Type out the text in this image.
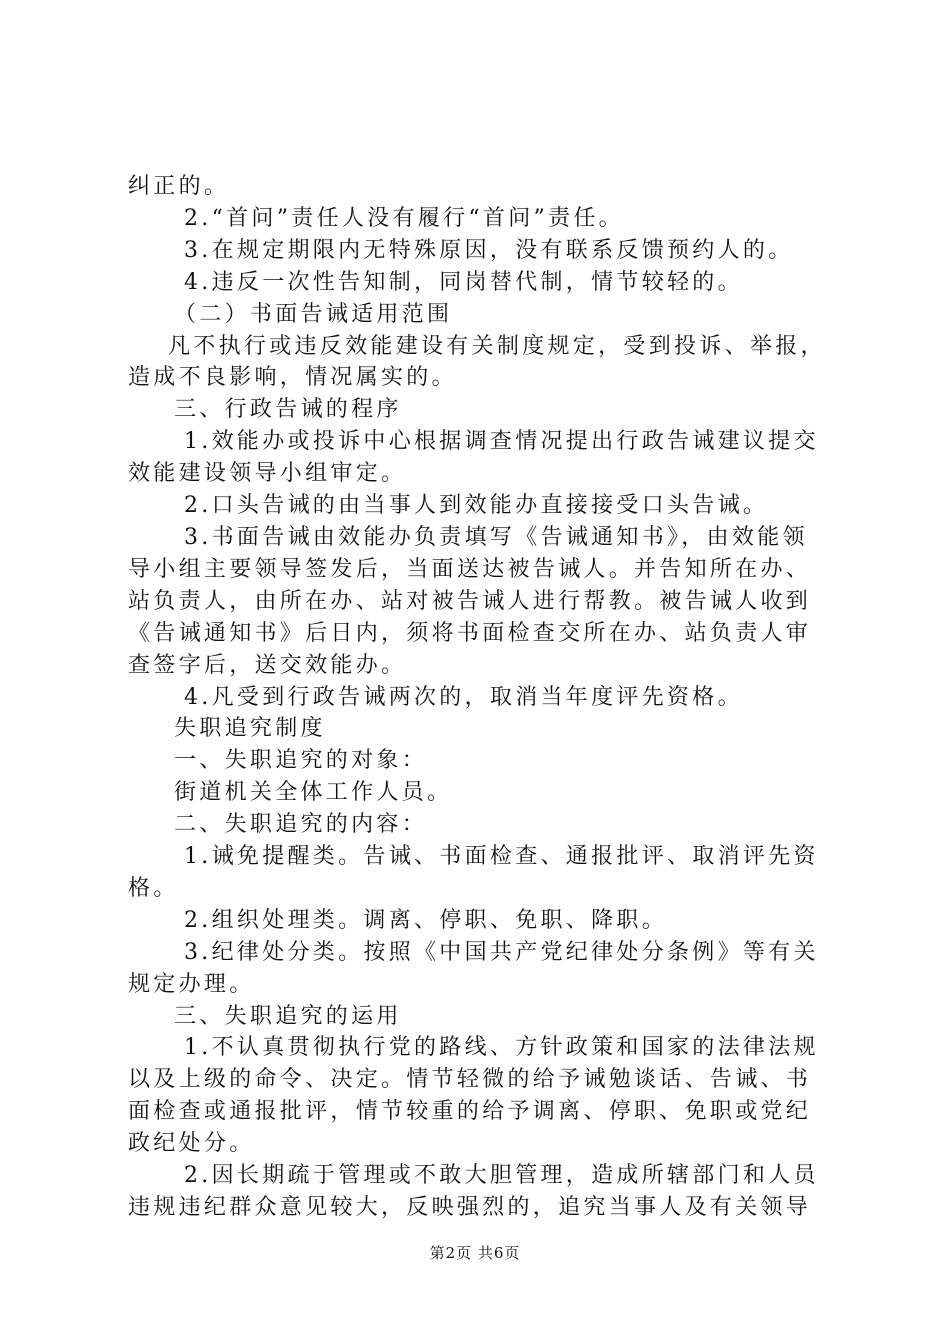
纠正的。

2.“首问”责任人没有履行“首问”责任。

3.在规定期限内无特殊原因，没有联系反馈预约人的。

4.违反一次性告知制，同岗替代制，情节较轻的。

（二）书面告诫适用范围

凡不执行或违反效能建设有关制度规定，受到投诉、举报，

造成不良影响，情况属实的。

三、行政告诫的程序

1.效能办或投诉中心根据调查情况提出行政告诫建议提交

效能建设领导小组审定。

2.口头告诫的由当事人到效能办直接接受口头告诫。

3.书面告诫由效能办负责填写《告诫通知书》，由效能领

导小组主要领导签发后，当面送达被告诫人。并告知所在办、

站负责人，由所在办、站对被告诫人进行帮教。被告诫人收到

《告诫通知书》后日内，须将书面检查交所在办、站负责人审

查签字后，送交效能办。

4.凡受到行政告诫两次的，取消当年度评先资格。

失职追究制度

一、失职追究的对象：

街道机关全体工作人员。

二、失职追究的内容：

1.诫免提醒类。告诫、书面检查、通报批评、取消评先资

格。

2.组织处理类。调离、停职、免职、降职。

3.纪律处分类。按照《中国共产党纪律处分条例》等有关

规定办理。

三、失职追究的运用

1.不认真贯彻执行党的路线、方针政策和国家的法律法规

以及上级的命令、决定。情节轻微的给予诫勉谈话、告诫、书

面检查或通报批评，情节较重的给予调离、停职、免职或党纪

政纪处分。

2.因长期疏于管理或不敢大胆管理，造成所辖部门和人员

违规违纪群众意见较大，反映强烈的，追究当事人及有关领导

第2页 共6页
